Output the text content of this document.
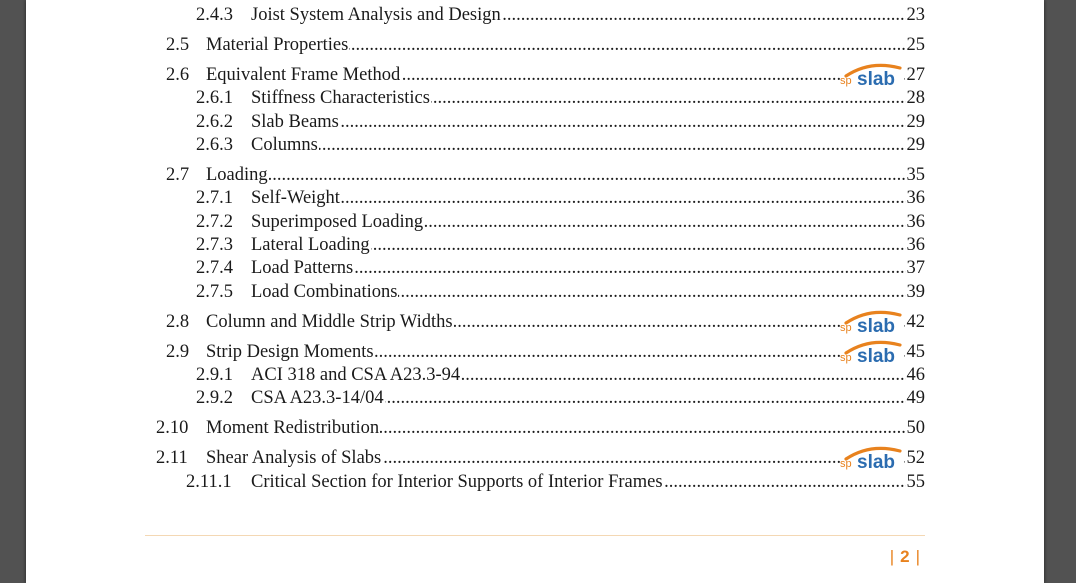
.....
2.4.3 Joist System Analysis and Design	23
.....
2.5 Material Properties	25
.....
2.6 Equivalent Frame Method	sp slab 27
.....
2.6.1 Stiffness Characteristics	28
.....
2.6.2 Slab Beams	29
.....
2.6.3 Columns	29
.....
2.7 Loading	35
.....
2.7.1 Self-Weight	36
.....
2.7.2 Superimposed Loading	36
.....
2.7.3 Lateral Loading	36
.....
2.7.4 Load Patterns	37
.....
2.7.5 Load Combinations	39
.....
2.8 Column and Middle Strip Widths	sp slab 42
.....
2.9 Strip Design Moments	sp slab 45
.....
2.9.1 ACI 318 and CSA A23.3-94	46
.....
2.9.2 CSA A23.3-14/04	49
.....
2.10 Moment Redistribution	50
.....
2.11 Shear Analysis of Slabs	sp slab 52
.....
2.11.1 Critical Section for Interior Supports of Interior Frames	55
| 2 |
